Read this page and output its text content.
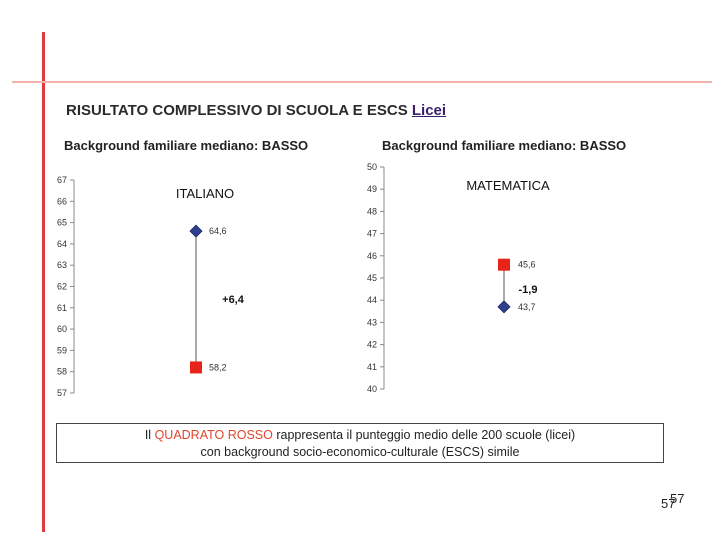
RISULTATO COMPLESSIVO DI SCUOLA E ESCS Licei
Background familiare mediano: BASSO	Background familiare mediano: BASSO
57
58
59
60
61
62
63
64
65
66
67
ITALIANO
64,6
58,2
+6,4
40
41
42
43
44
45
46
47
48
49
50
MATEMATICA
43,7
45,6
-1,9
Il QUADRATO ROSSO rappresenta il punteggio medio delle 200 scuole (licei)
con background socio-economico-culturale (ESCS) simile
57
57
